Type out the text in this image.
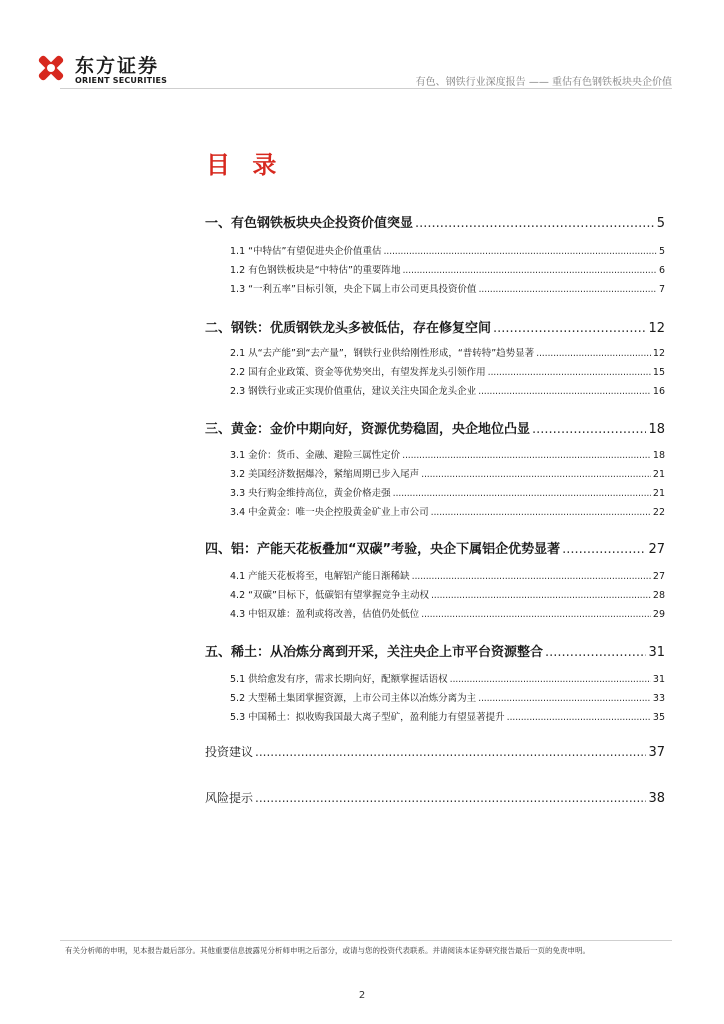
东方证券
ORIENT SECURITIES	有色、钢铁行业深度报告 —— 重估有色钢铁板块央企价值
目 录
一、有色钢铁板块央企投资价值突显 .....	5
1.1 “中特估”有望促进央企价值重估 .....	5
1.2 有色钢铁板块是“中特估”的重要阵地 .....	6
1.3 “一利五率”目标引领，央企下属上市公司更具投资价值 .....	7
二、钢铁：优质钢铁龙头多被低估，存在修复空间 .....	12
2.1 从“去产能”到“去产量”，钢铁行业供给刚性形成，“普转特”趋势显著 .....	12
2.2 国有企业政策、资金等优势突出，有望发挥龙头引领作用 .....	15
2.3 钢铁行业或正实现价值重估，建议关注央国企龙头企业 .....	16
三、黄金：金价中期向好，资源优势稳固，央企地位凸显 .....	18
3.1 金价：货币、金融、避险三属性定价 .....	18
3.2 美国经济数据爆冷，紧缩周期已步入尾声 .....	21
3.3 央行购金维持高位，黄金价格走强 .....	21
3.4 中金黄金：唯一央企控股黄金矿业上市公司 .....	22
四、铝：产能天花板叠加“双碳”考验，央企下属铝企优势显著 .....	27
4.1 产能天花板将至，电解铝产能日渐稀缺 .....	27
4.2 “双碳”目标下，低碳铝有望掌握竞争主动权 .....	28
4.3 中铝双雄：盈利或将改善，估值仍处低位 .....	29
五、稀土：从冶炼分离到开采，关注央企上市平台资源整合 .....	31
5.1 供给愈发有序，需求长期向好，配额掌握话语权 .....	31
5.2 大型稀土集团掌握资源，上市公司主体以冶炼分离为主 .....	33
5.3 中国稀土：拟收购我国最大离子型矿，盈利能力有望显著提升 .....	35
投资建议 .....	37
风险提示 .....	38
有关分析师的申明，见本报告最后部分。其他重要信息披露见分析师申明之后部分，或请与您的投资代表联系。并请阅读本证券研究报告最后一页的免责申明。
2
